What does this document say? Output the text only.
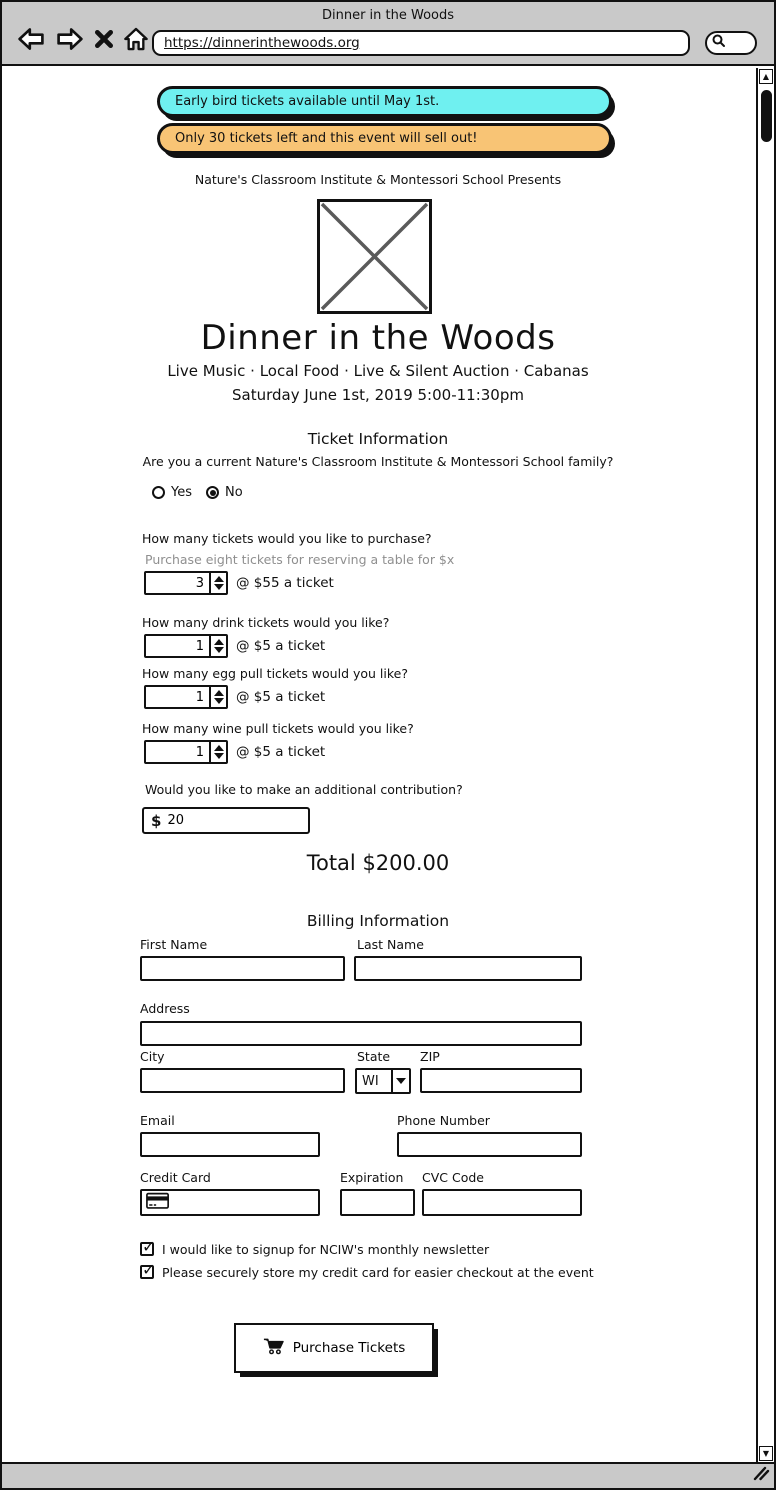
Dinner in the Woods
https://dinnerinthewoods.org
Early bird tickets available until May 1st.
Only 30 tickets left and this event will sell out!
Nature's Classroom Institute & Montessori School Presents
Dinner in the Woods
Live Music · Local Food · Live & Silent Auction · Cabanas
Saturday June 1st, 2019 5:00-11:30pm
Ticket Information
Are you a current Nature's Classroom Institute & Montessori School family?
Yes	No
How many tickets would you like to purchase?
Purchase eight tickets for reserving a table for $x
3
@ $55 a ticket
How many drink tickets would you like?
1
@ $5 a ticket
How many egg pull tickets would you like?
1
@ $5 a ticket
How many wine pull tickets would you like?
1
@ $5 a ticket
Would you like to make an additional contribution?
$
20
Total $200.00
Billing Information
First Name	Last Name
Address
City	State ZIP
WI
Email	Phone Number
Credit Card	Expiration CVC Code
✓ I would like to signup for NCIW's monthly newsletter
✓ Please securely store my credit card for easier checkout at the event
Purchase Tickets
▲
▼
